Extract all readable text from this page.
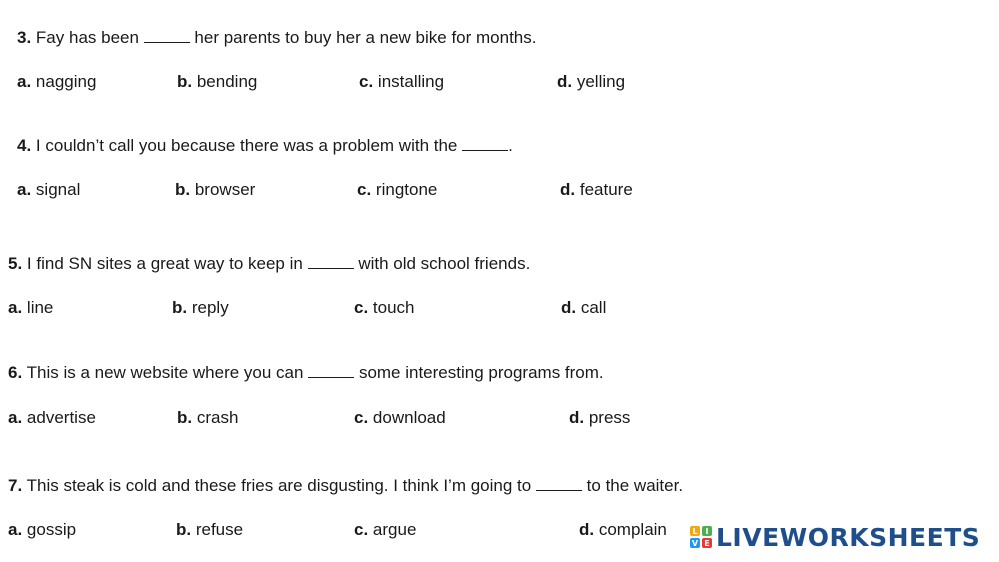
3. Fay has been	her parents to buy her a new bike for months.
a. nagging	b. bending	c. installing	d. yelling
4. I couldn’t call you because there was a problem with the	.
a. signal	b. browser	c. ringtone	d. feature
5. I find SN sites a great way to keep in	with old school friends.
a. line	b. reply	c. touch	d. call
6. This is a new website where you can	some interesting programs from.
a. advertise	b. crash	c. download	d. press
7. This steak is cold and these fries are disgusting. I think I’m going to	to the waiter.
a. gossip	b. refuse	c. argue	d. complain	L I
V E LIVEWORKSHEETS
